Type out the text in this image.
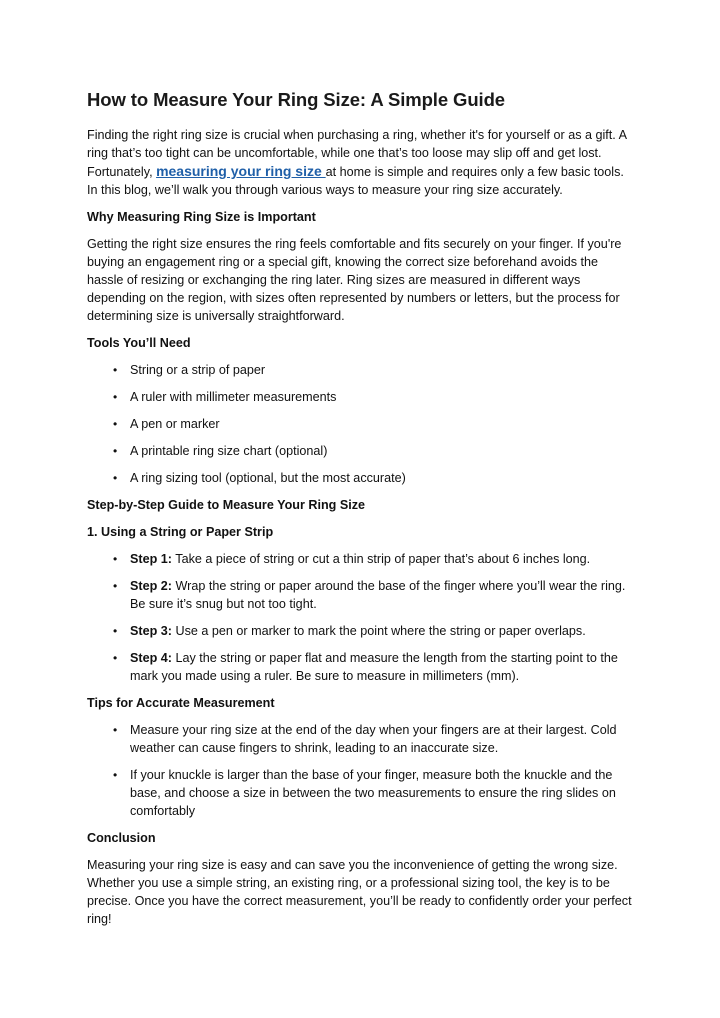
How to Measure Your Ring Size: A Simple Guide

Finding the right ring size is crucial when purchasing a ring, whether it's for yourself or as a gift. A ring that’s too tight can be uncomfortable, while one that’s too loose may slip off and get lost. Fortunately, measuring your ring size at home is simple and requires only a few basic tools. In this blog, we’ll walk you through various ways to measure your ring size accurately.

Why Measuring Ring Size is Important

Getting the right size ensures the ring feels comfortable and fits securely on your finger. If you're buying an engagement ring or a special gift, knowing the correct size beforehand avoids the hassle of resizing or exchanging the ring later. Ring sizes are measured in different ways depending on the region, with sizes often represented by numbers or letters, but the process for determining size is universally straightforward.

Tools You’ll Need
• String or a strip of paper
• A ruler with millimeter measurements
• A pen or marker
• A printable ring size chart (optional)
• A ring sizing tool (optional, but the most accurate)
Step-by-Step Guide to Measure Your Ring Size
1. Using a String or Paper Strip
• Step 1: Take a piece of string or cut a thin strip of paper that’s about 6 inches long.
• Step 2: Wrap the string or paper around the base of the finger where you’ll wear the ring. Be sure it’s snug but not too tight.
• Step 3: Use a pen or marker to mark the point where the string or paper overlaps.
• Step 4: Lay the string or paper flat and measure the length from the starting point to the mark you made using a ruler. Be sure to measure in millimeters (mm).
Tips for Accurate Measurement
• Measure your ring size at the end of the day when your fingers are at their largest. Cold weather can cause fingers to shrink, leading to an inaccurate size.
• If your knuckle is larger than the base of your finger, measure both the knuckle and the base, and choose a size in between the two measurements to ensure the ring slides on comfortably
Conclusion

Measuring your ring size is easy and can save you the inconvenience of getting the wrong size. Whether you use a simple string, an existing ring, or a professional sizing tool, the key is to be precise. Once you have the correct measurement, you’ll be ready to confidently order your perfect ring!
